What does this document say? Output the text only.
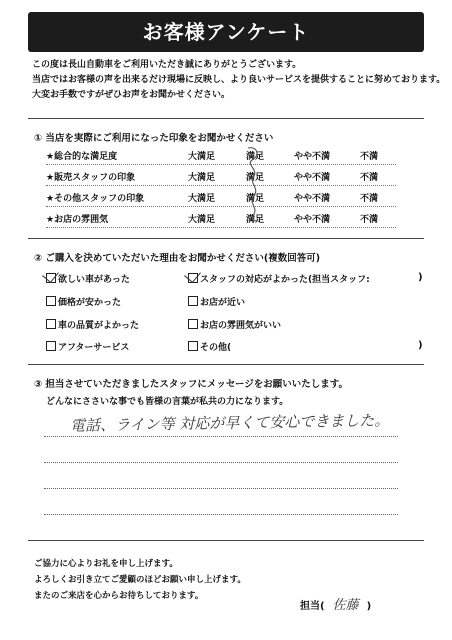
お客様アンケート
この度は長山自動車をご利用いただき誠にありがとうございます。
当店ではお客様の声を出来るだけ現場に反映し、より良いサービスを提供することに努めております。
大変お手数ですがぜひお声をお聞かせください。
① 当店を実際にご利用になった印象をお聞かせください
★総合的な満足度	大満足	満足	やや不満	不満
★販売スタッフの印象	大満足	満足	やや不満	不満
★その他スタッフの印象	大満足	満足	やや不満	不満
★お店の雰囲気	大満足	満足	やや不満	不満
② ご購入を決めていただいた理由をお聞かせください(複数回答可)
欲しい車があった	スタッフの対応がよかった(担当スタッフ:	)
価格が安かった	お店が近い
車の品質がよかった	お店の雰囲気がいい
アフターサービス	その他(	)
③ 担当させていただきましたスタッフにメッセージをお願いいたします。
どんなにささいな事でも皆様の言葉が私共の力になります。
電話、ライン等 対応が早くて安心できました。
ご協力に心よりお礼を申し上げます。
よろしくお引き立てご愛顧のほどお願い申し上げます。
またのご来店を心からお待ちしております。
担当( 佐藤 )
